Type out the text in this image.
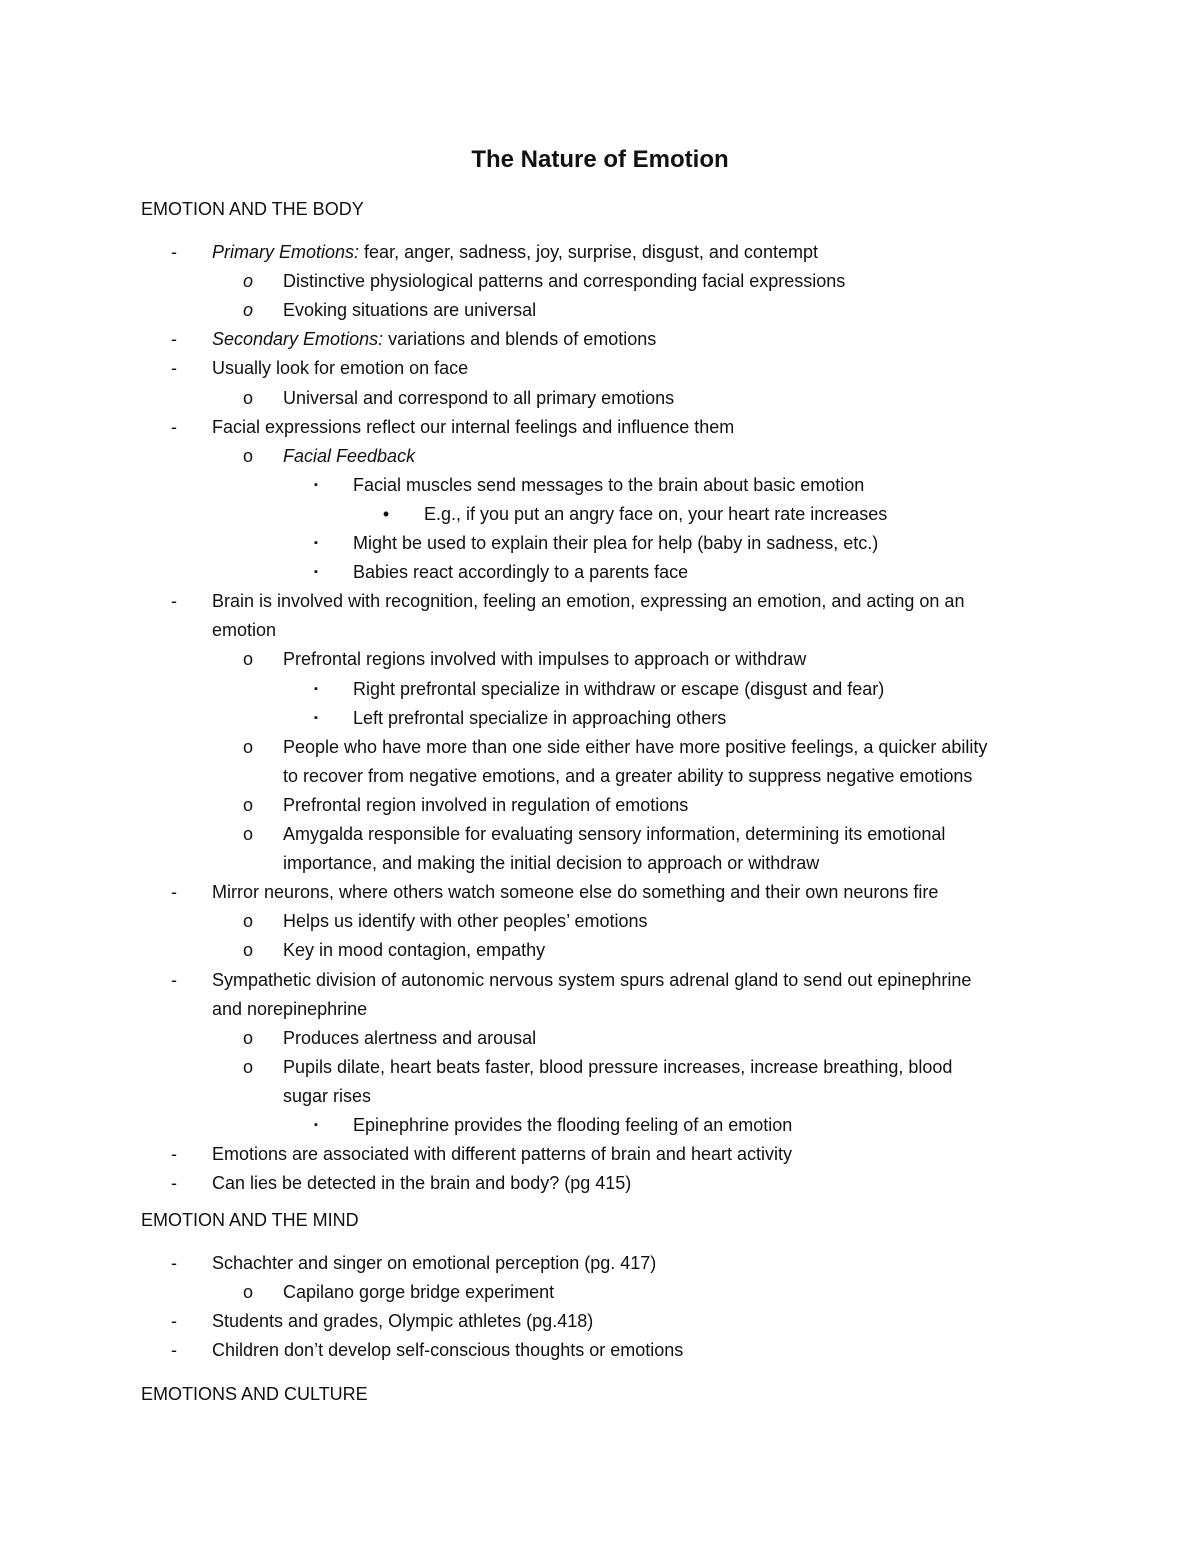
The Nature of Emotion
EMOTION AND THE BODY
- Primary Emotions: fear, anger, sadness, joy, surprise, disgust, and contempt
o Distinctive physiological patterns and corresponding facial expressions
o Evoking situations are universal
- Secondary Emotions: variations and blends of emotions
- Usually look for emotion on face
o Universal and correspond to all primary emotions
- Facial expressions reflect our internal feelings and influence them
o Facial Feedback
▪ Facial muscles send messages to the brain about basic emotion
• E.g., if you put an angry face on, your heart rate increases
▪ Might be used to explain their plea for help (baby in sadness, etc.)
▪ Babies react accordingly to a parents face
- Brain is involved with recognition, feeling an emotion, expressing an emotion, and acting on an
emotion
o Prefrontal regions involved with impulses to approach or withdraw
▪ Right prefrontal specialize in withdraw or escape (disgust and fear)
▪ Left prefrontal specialize in approaching others
o People who have more than one side either have more positive feelings, a quicker ability
to recover from negative emotions, and a greater ability to suppress negative emotions
o Prefrontal region involved in regulation of emotions
o Amygalda responsible for evaluating sensory information, determining its emotional
importance, and making the initial decision to approach or withdraw
- Mirror neurons, where others watch someone else do something and their own neurons fire
o Helps us identify with other peoples’ emotions
o Key in mood contagion, empathy
- Sympathetic division of autonomic nervous system spurs adrenal gland to send out epinephrine
and norepinephrine
o Produces alertness and arousal
o Pupils dilate, heart beats faster, blood pressure increases, increase breathing, blood
sugar rises
▪ Epinephrine provides the flooding feeling of an emotion
- Emotions are associated with different patterns of brain and heart activity
- Can lies be detected in the brain and body? (pg 415)
EMOTION AND THE MIND
- Schachter and singer on emotional perception (pg. 417)
o Capilano gorge bridge experiment
- Students and grades, Olympic athletes (pg.418)
- Children don’t develop self-conscious thoughts or emotions
EMOTIONS AND CULTURE
